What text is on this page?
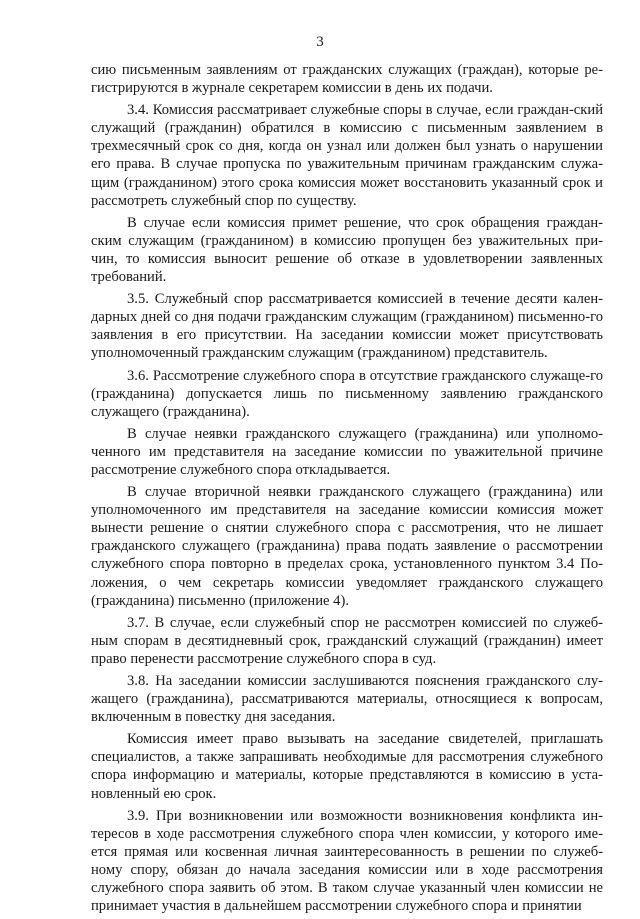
3

сию письменным заявлениям от гражданских служащих (граждан), которые ре-гистрируются в журнале секретарем комиссии в день их подачи.

3.4. Комиссия рассматривает служебные споры в случае, если граждан-ский служащий (гражданин) обратился в комиссию с письменным заявлением в трехмесячный срок со дня, когда он узнал или должен был узнать о нарушении его права. В случае пропуска по уважительным причинам гражданским служа-щим (гражданином) этого срока комиссия может восстановить указанный срок и рассмотреть служебный спор по существу.

В случае если комиссия примет решение, что срок обращения граждан-ским служащим (гражданином) в комиссию пропущен без уважительных при-чин, то комиссия выносит решение об отказе в удовлетворении заявленных требований.

3.5. Служебный спор рассматривается комиссией в течение десяти кален-дарных дней со дня подачи гражданским служащим (гражданином) письменно-го заявления в его присутствии. На заседании комиссии может присутствовать уполномоченный гражданским служащим (гражданином) представитель.

3.6. Рассмотрение служебного спора в отсутствие гражданского служаще-го (гражданина) допускается лишь по письменному заявлению гражданского служащего (гражданина).

В случае неявки гражданского служащего (гражданина) или уполномо-ченного им представителя на заседание комиссии по уважительной причине рассмотрение служебного спора откладывается.

В случае вторичной неявки гражданского служащего (гражданина) или уполномоченного им представителя на заседание комиссии комиссия может вынести решение о снятии служебного спора с рассмотрения, что не лишает гражданского служащего (гражданина) права подать заявление о рассмотрении служебного спора повторно в пределах срока, установленного пунктом 3.4 По-ложения, о чем секретарь комиссии уведомляет гражданского служащего (гражданина) письменно (приложение 4).

3.7. В случае, если служебный спор не рассмотрен комиссией по служеб-ным спорам в десятидневный срок, гражданский служащий (гражданин) имеет право перенести рассмотрение служебного спора в суд.

3.8. На заседании комиссии заслушиваются пояснения гражданского слу-жащего (гражданина), рассматриваются материалы, относящиеся к вопросам, включенным в повестку дня заседания.

Комиссия имеет право вызывать на заседание свидетелей, приглашать специалистов, а также запрашивать необходимые для рассмотрения служебного спора информацию и материалы, которые представляются в комиссию в уста-новленный ею срок.

3.9. При возникновении или возможности возникновения конфликта ин-тересов в ходе рассмотрения служебного спора член комиссии, у которого име-ется прямая или косвенная личная заинтересованность в решении по служеб-ному спору, обязан до начала заседания комиссии или в ходе рассмотрения служебного спора заявить об этом. В таком случае указанный член комиссии не принимает участия в дальнейшем рассмотрении служебного спора и принятии
